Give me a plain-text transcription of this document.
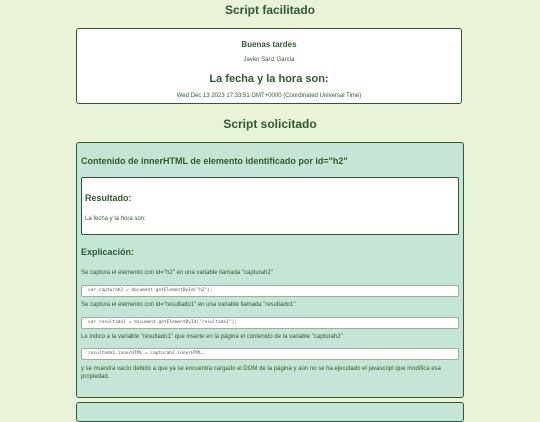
Script facilitado
Buenas tardes
Javier Sanz García
La fecha y la hora son:
Wed Dec 13 2023 17:33:51 GMT+0000 (Coordinated Universal Time)
Script solicitado
Contenido de innerHTML de elemento identificado por id="h2"
Resultado:
La fecha y la hora son:
Explicación:
Se captura el elemento con id="h2" en una variable llamada "capturah2"
var capturah2 = document.getElementById("h2");
Se captura el elemento con id="resultado1" en una variable llamada "resultado1"
var resultado1 = document.getElementById("resultado1");
Le indico a la variable "resultado1" que inserte en la página el contenido de la variable "capturah2"
resultado1.innerHTML = capturah2.innerHTML;
y se muestra vacío debido a que ya se encuentra cargado el DOM de la página y aún no se ha ejecutado el javascript que modifica esa propiedad.
